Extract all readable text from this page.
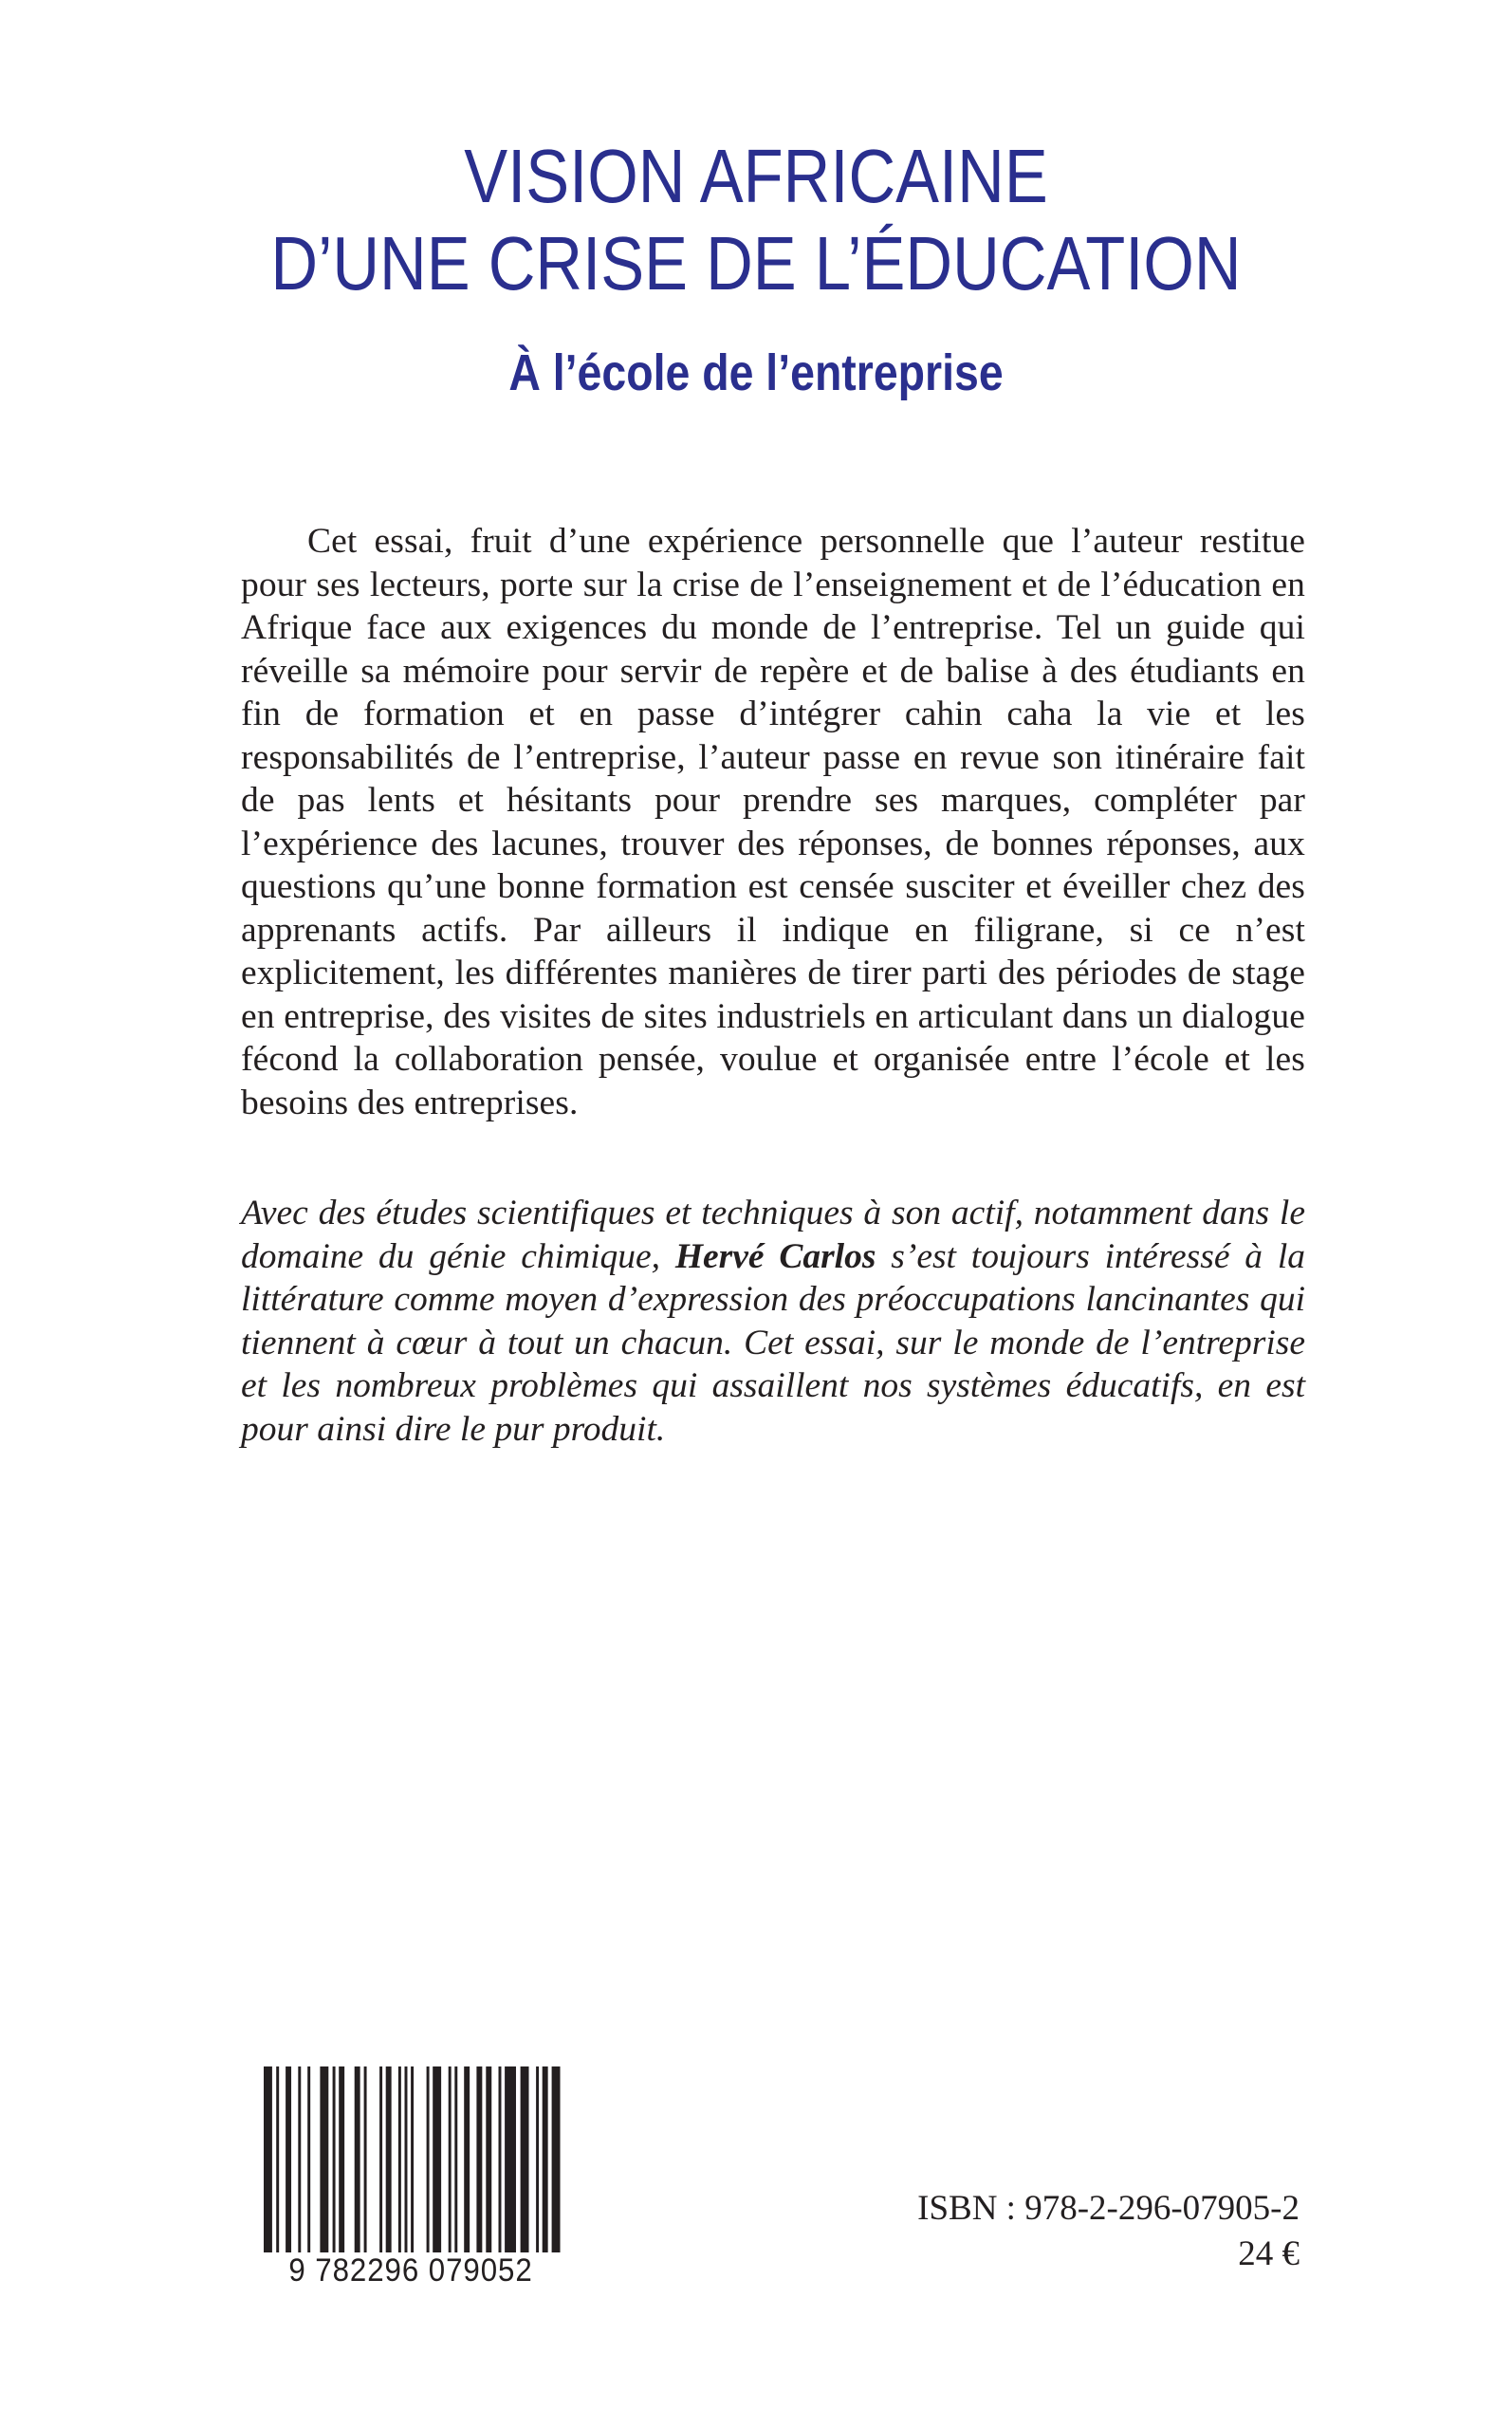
VISION AFRICAINE
D’UNE CRISE DE L’ÉDUCATION
À l’école de l’entreprise

Cet essai, fruit d’une expérience personnelle que l’auteur restitue pour ses lecteurs, porte sur la crise de l’enseignement et de l’éducation en Afrique face aux exigences du monde de l’entreprise. Tel un guide qui réveille sa mémoire pour servir de repère et de balise à des étudiants en fin de formation et en passe d’intégrer cahin caha la vie et les responsabilités de l’entreprise, l’auteur passe en revue son itinéraire fait de pas lents et hésitants pour prendre ses marques, compléter par l’expérience des lacunes, trouver des réponses, de bonnes réponses, aux questions qu’une bonne formation est censée susciter et éveiller chez des apprenants actifs. Par ailleurs il indique en filigrane, si ce n’est explicitement, les différentes manières de tirer parti des périodes de stage en entreprise, des visites de sites industriels en articulant dans un dialogue fécond la collaboration pensée, voulue et organisée entre l’école et les besoins des entreprises.

Avec des études scientifiques et techniques à son actif, notamment dans le domaine du génie chimique, Hervé Carlos s’est toujours intéressé à la littérature comme moyen d’expression des préoccupations lancinantes qui tiennent à cœur à tout un chacun. Cet essai, sur le monde de l’entreprise et les nombreux problèmes qui assaillent nos systèmes éducatifs, en est pour ainsi dire le pur produit.

9 782296 079052

ISBN : 978-2-296-07905-2

24 €
